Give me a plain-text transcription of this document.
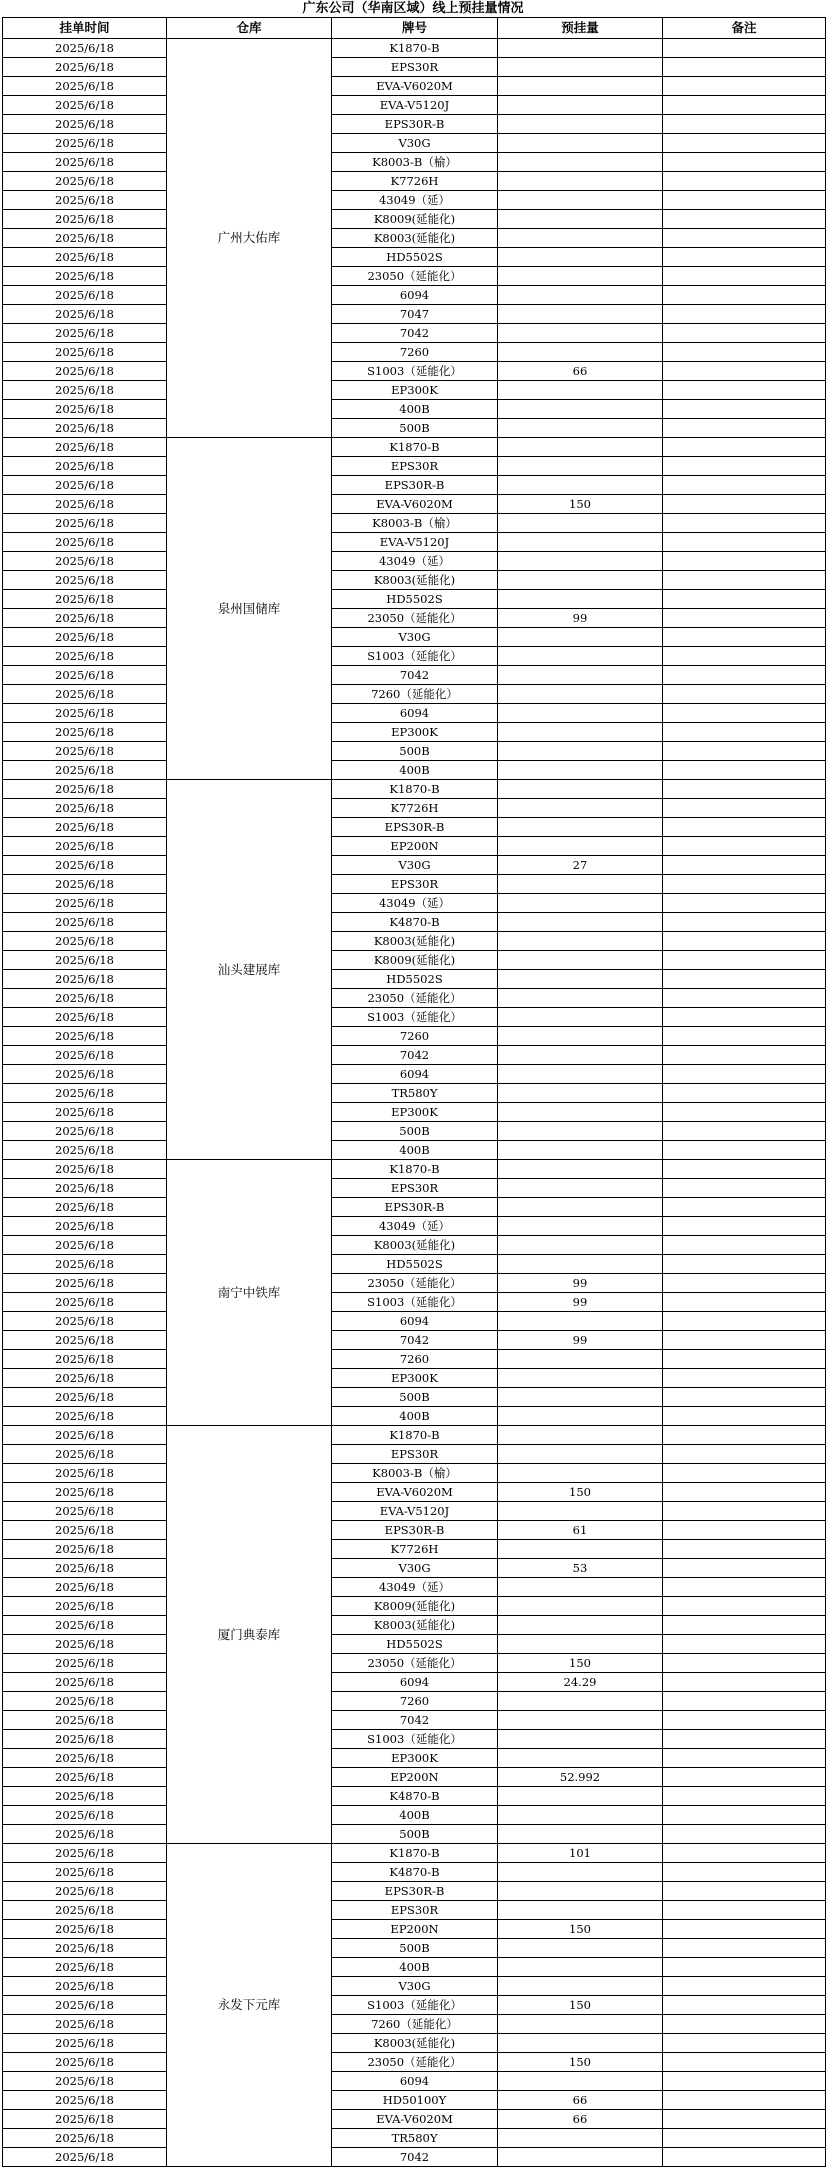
广东公司（华南区域）线上预挂量情况
挂单时间	仓库	牌号	预挂量	备注
2025/6/18	广州大佑库	K1870-B		
2025/6/18		EPS30R		
2025/6/18		EVA-V6020M		
2025/6/18		EVA-V5120J		
2025/6/18		EPS30R-B		
2025/6/18		V30G		
2025/6/18		K8003-B（榆）		
2025/6/18		K7726H		
2025/6/18		43049（延）		
2025/6/18		K8009(延能化)		
2025/6/18		K8003(延能化)		
2025/6/18		HD5502S		
2025/6/18		23050（延能化）		
2025/6/18		6094		
2025/6/18		7047		
2025/6/18		7042		
2025/6/18		7260		
2025/6/18		S1003（延能化）	66	
2025/6/18		EP300K		
2025/6/18		400B		
2025/6/18		500B		
2025/6/18	泉州国储库	K1870-B		
2025/6/18		EPS30R		
2025/6/18		EPS30R-B		
2025/6/18		EVA-V6020M	150	
2025/6/18		K8003-B（榆）		
2025/6/18		EVA-V5120J		
2025/6/18		43049（延）		
2025/6/18		K8003(延能化)		
2025/6/18		HD5502S		
2025/6/18		23050（延能化）	99	
2025/6/18		V30G		
2025/6/18		S1003（延能化）		
2025/6/18		7042		
2025/6/18		7260（延能化）		
2025/6/18		6094		
2025/6/18		EP300K		
2025/6/18		500B		
2025/6/18		400B		
2025/6/18	汕头建展库	K1870-B		
2025/6/18		K7726H		
2025/6/18		EPS30R-B		
2025/6/18		EP200N		
2025/6/18		V30G	27	
2025/6/18		EPS30R		
2025/6/18		43049（延）		
2025/6/18		K4870-B		
2025/6/18		K8003(延能化)		
2025/6/18		K8009(延能化)		
2025/6/18		HD5502S		
2025/6/18		23050（延能化）		
2025/6/18		S1003（延能化）		
2025/6/18		7260		
2025/6/18		7042		
2025/6/18		6094		
2025/6/18		TR580Y		
2025/6/18		EP300K		
2025/6/18		500B		
2025/6/18		400B		
2025/6/18	南宁中铁库	K1870-B		
2025/6/18		EPS30R		
2025/6/18		EPS30R-B		
2025/6/18		43049（延）		
2025/6/18		K8003(延能化)		
2025/6/18		HD5502S		
2025/6/18		23050（延能化）	99	
2025/6/18		S1003（延能化）	99	
2025/6/18		6094		
2025/6/18		7042	99	
2025/6/18		7260		
2025/6/18		EP300K		
2025/6/18		500B		
2025/6/18		400B		
2025/6/18	厦门典泰库	K1870-B		
2025/6/18		EPS30R		
2025/6/18		K8003-B（榆）		
2025/6/18		EVA-V6020M	150	
2025/6/18		EVA-V5120J		
2025/6/18		EPS30R-B	61	
2025/6/18		K7726H		
2025/6/18		V30G	53	
2025/6/18		43049（延）		
2025/6/18		K8009(延能化)		
2025/6/18		K8003(延能化)		
2025/6/18		HD5502S		
2025/6/18		23050（延能化）	150	
2025/6/18		6094	24.29	
2025/6/18		7260		
2025/6/18		7042		
2025/6/18		S1003（延能化）		
2025/6/18		EP300K		
2025/6/18		EP200N	52.992	
2025/6/18		K4870-B		
2025/6/18		400B		
2025/6/18		500B		
2025/6/18	永发下元库	K1870-B	101	
2025/6/18		K4870-B		
2025/6/18		EPS30R-B		
2025/6/18		EPS30R		
2025/6/18		EP200N	150	
2025/6/18		500B		
2025/6/18		400B		
2025/6/18		V30G		
2025/6/18		S1003（延能化）	150	
2025/6/18		7260（延能化）		
2025/6/18		K8003(延能化)		
2025/6/18		23050（延能化）	150	
2025/6/18		6094		
2025/6/18		HD50100Y	66	
2025/6/18		EVA-V6020M	66	
2025/6/18		TR580Y		
2025/6/18		7042		
